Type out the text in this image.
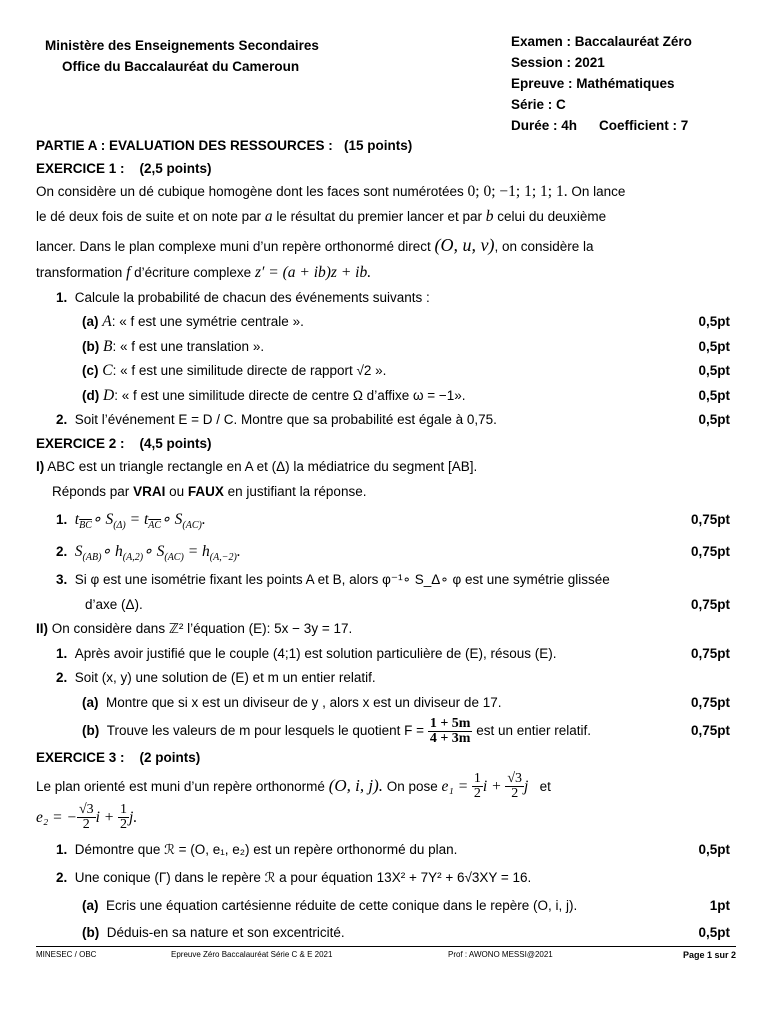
Ministère des Enseignements Secondaires
Office du Baccalauréat du Cameroun
Examen : Baccalauréat Zéro
Session : 2021
Epreuve : Mathématiques
Série : C
Durée : 4h Coefficient : 7
PARTIE A : EVALUATION DES RESSOURCES : (15 points)
EXERCICE 1 : (2,5 points)
On considère un dé cubique homogène dont les faces sont numérotées 0; 0; −1; 1; 1; 1. On lance
le dé deux fois de suite et on note par a le résultat du premier lancer et par b celui du deuxième
lancer. Dans le plan complexe muni d’un repère orthonormé direct (O, u, v), on considère la
transformation f d’écriture complexe z′ = (a + ib)z + ib.
1. Calcule la probabilité de chacun des événements suivants :
(a) A: « f est une symétrie centrale ».	0,5pt
(b) B: « f est une translation ».	0,5pt
(c) C: « f est une similitude directe de rapport √2 ».	0,5pt
(d) D: « f est une similitude directe de centre Ω d’affixe ω = −1».	0,5pt
2. Soit l’événement E = D / C. Montre que sa probabilité est égale à 0,75.	0,5pt
EXERCICE 2 : (4,5 points)
I) ABC est un triangle rectangle en A et (Δ) la médiatrice du segment [AB].
Réponds par VRAI ou FAUX en justifiant la réponse.
1. $t_{\overline{BC}}\circ$ $S_{(\Delta)}$ = $t_{\overline{AC}}\circ$ $S_{(AC)}$.	0,75pt
2. $S_{(AB)}\circ$ $h_{(A,2)}\circ$ $S_{(AC)} = h_{(A,-2)}$.	0,75pt
3. Si φ est une isométrie fixant les points A et B, alors φ⁻¹∘ S_Δ∘ φ est une symétrie glissée
d’axe (Δ).	0,75pt
II) On considère dans ℤ² l’équation (E): 5x − 3y = 17.
1. Après avoir justifié que le couple (4;1) est solution particulière de (E), résous (E).	0,75pt
2. Soit (x, y) une solution de (E) et m un entier relatif.
(a) Montre que si x est un diviseur de y , alors x est un diviseur de 17.	0,75pt
(b) Trouve les valeurs de m pour lesquels le quotient $F = \frac{1 + 5m}{4 + 3m}$ est un entier relatif.	0,75pt
EXERCICE 3 : (2 points)
Le plan orienté est muni d’un repère orthonormé (O, i, j). On pose $e_1 = \frac{1}{2}$ $i + \frac{√3}{2}$ j et
e₂ = − $\frac{√3}{2}$ $i + \frac{1}{2} j$.
1. Démontre que ℛ = (O, e₁, e₂) est un repère orthonormé du plan.	0,5pt
2. Une conique (Γ) dans le repère ℛ a pour équation 13X² + 7Y² + 6√3XY = 16.
(a) Ecris une équation cartésienne réduite de cette conique dans le repère (O, i, j).	1pt
(b) Déduis-en sa nature et son excentricité.	0,5pt
MINESEC / OBC	Epreuve Zéro Baccalauréat Série C & E 2021	Prof : AWONO MESSI@2021	Page 1 sur 2
